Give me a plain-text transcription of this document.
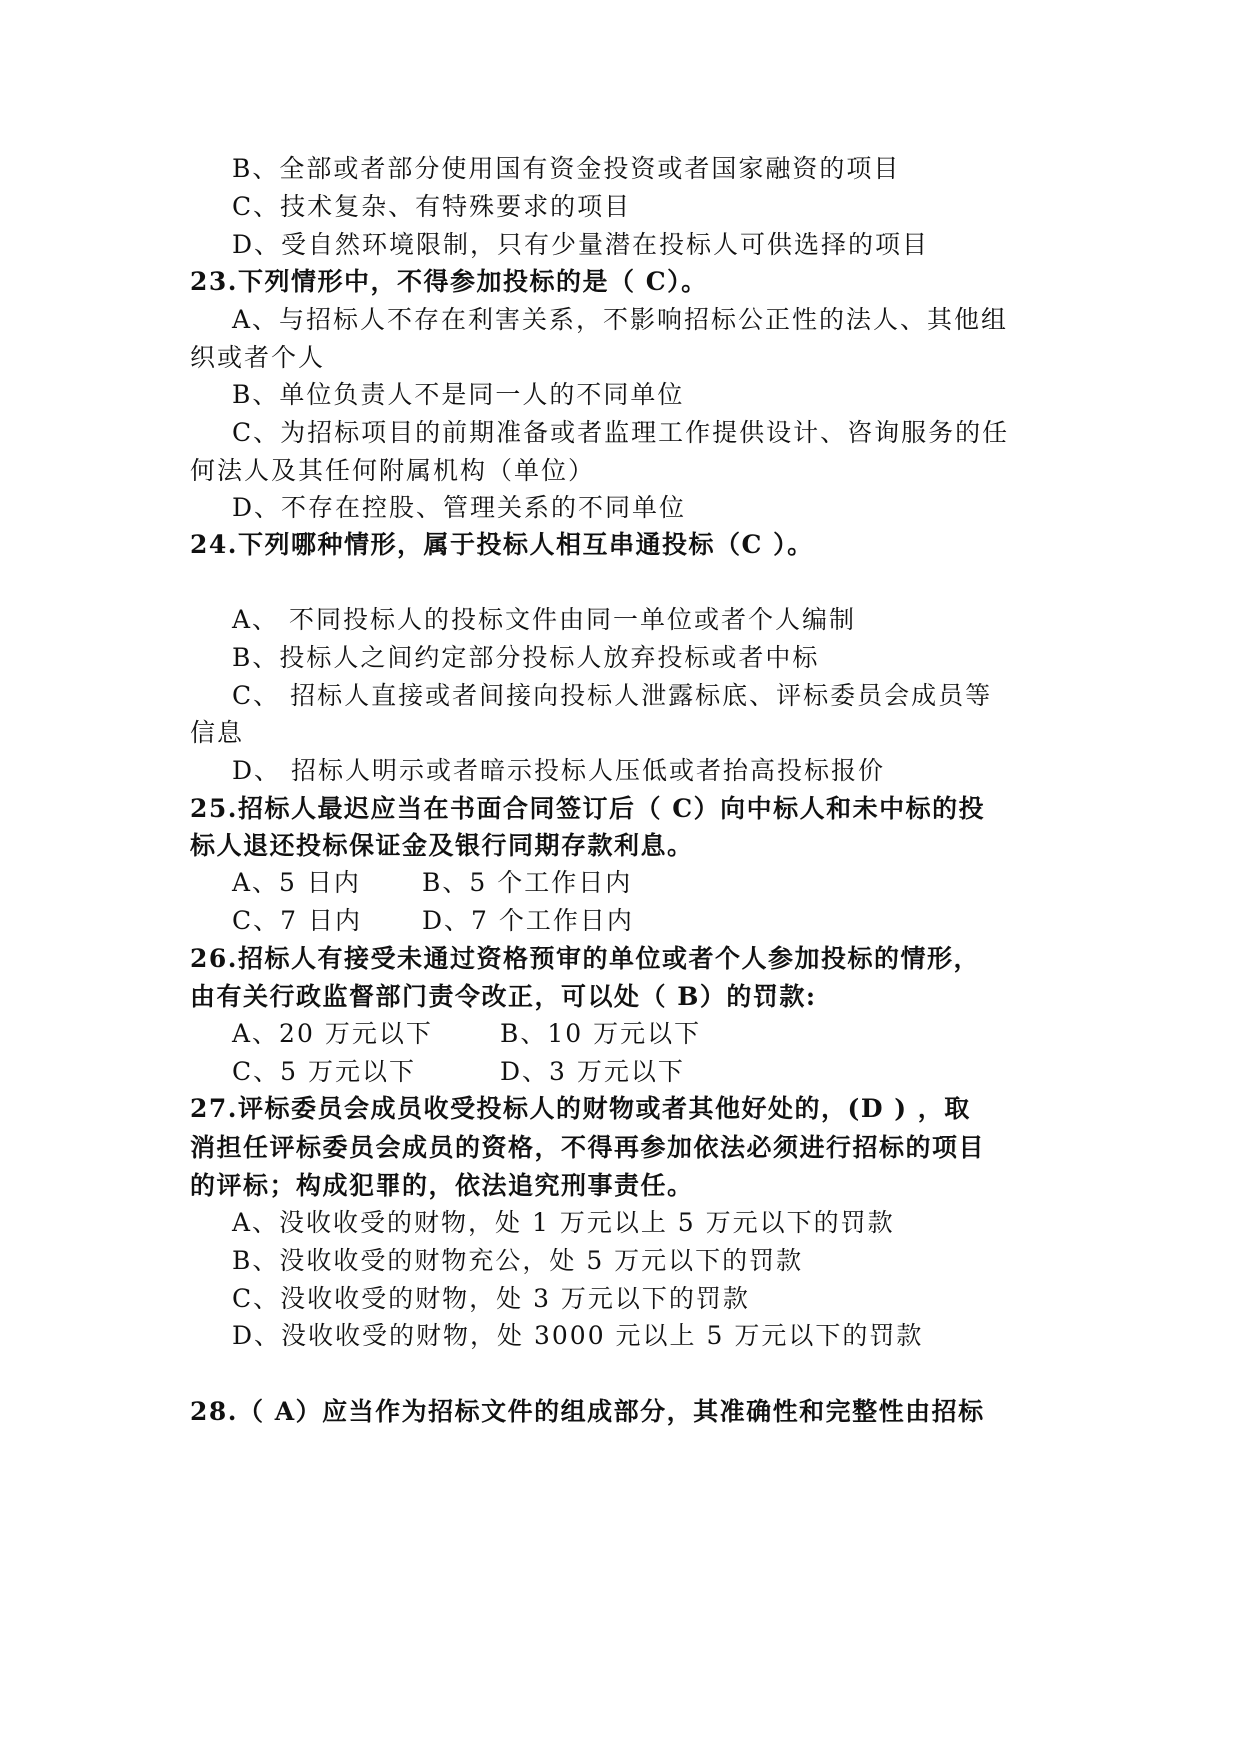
B、全部或者部分使用国有资金投资或者国家融资的项目
C、技术复杂、有特殊要求的项目
D、受自然环境限制，只有少量潜在投标人可供选择的项目
23.下列情形中，不得参加投标的是（ C）。
A、与招标人不存在利害关系，不影响招标公正性的法人、其他组
织或者个人
B、单位负责人不是同一人的不同单位
C、为招标项目的前期准备或者监理工作提供设计、咨询服务的任
何法人及其任何附属机构（单位）
D、不存在控股、管理关系的不同单位
24.下列哪种情形，属于投标人相互串通投标（C ）。
A、 不同投标人的投标文件由同一单位或者个人编制
B、投标人之间约定部分投标人放弃投标或者中标
C、 招标人直接或者间接向投标人泄露标底、评标委员会成员等
信息
D、 招标人明示或者暗示投标人压低或者抬高投标报价
25.招标人最迟应当在书面合同签订后（ C）向中标人和未中标的投
标人退还投标保证金及银行同期存款利息。
A、5 日内 B、5 个工作日内
C、7 日内 D、7 个工作日内
26.招标人有接受未通过资格预审的单位或者个人参加投标的情形，
由有关行政监督部门责令改正，可以处（ B）的罚款:
A、20 万元以下	B、10 万元以下
C、5 万元以下	D、3 万元以下
27.评标委员会成员收受投标人的财物或者其他好处的，(D ) ，取
消担任评标委员会成员的资格，不得再参加依法必须进行招标的项目
的评标；构成犯罪的，依法追究刑事责任。
A、没收收受的财物，处 1 万元以上 5 万元以下的罚款
B、没收收受的财物充公，处 5 万元以下的罚款
C、没收收受的财物，处 3 万元以下的罚款
D、没收收受的财物，处 3000 元以上 5 万元以下的罚款
28.（ A）应当作为招标文件的组成部分，其准确性和完整性由招标
